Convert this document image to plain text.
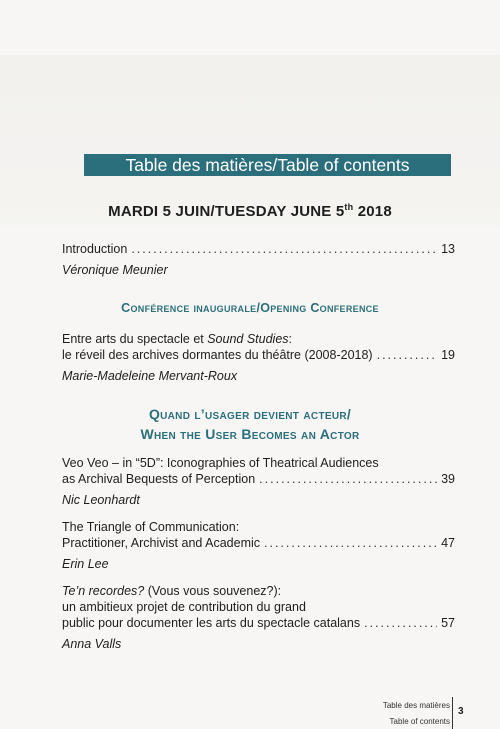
Table des matières/Table of contents
MARDI 5 JUIN/TUESDAY JUNE 5th 2018
Introduction .....	13
Véronique Meunier
Conférence inaugurale/Opening Conference
Entre arts du spectacle et Sound Studies:
le réveil des archives dormantes du théâtre (2008-2018) .....	19
Marie-Madeleine Mervant-Roux
Quand l’usager devient acteur/
When the User Becomes an Actor
Veo Veo – in “5D”: Iconographies of Theatrical Audiences
as Archival Bequests of Perception .....	39
Nic Leonhardt
The Triangle of Communication:
Practitioner, Archivist and Academic .....	47
Erin Lee
Te’n recordes? (Vous vous souvenez?):
un ambitieux projet de contribution du grand
public pour documenter les arts du spectacle catalans .....	57
Anna Valls
Table des matières
Table of contents
3
